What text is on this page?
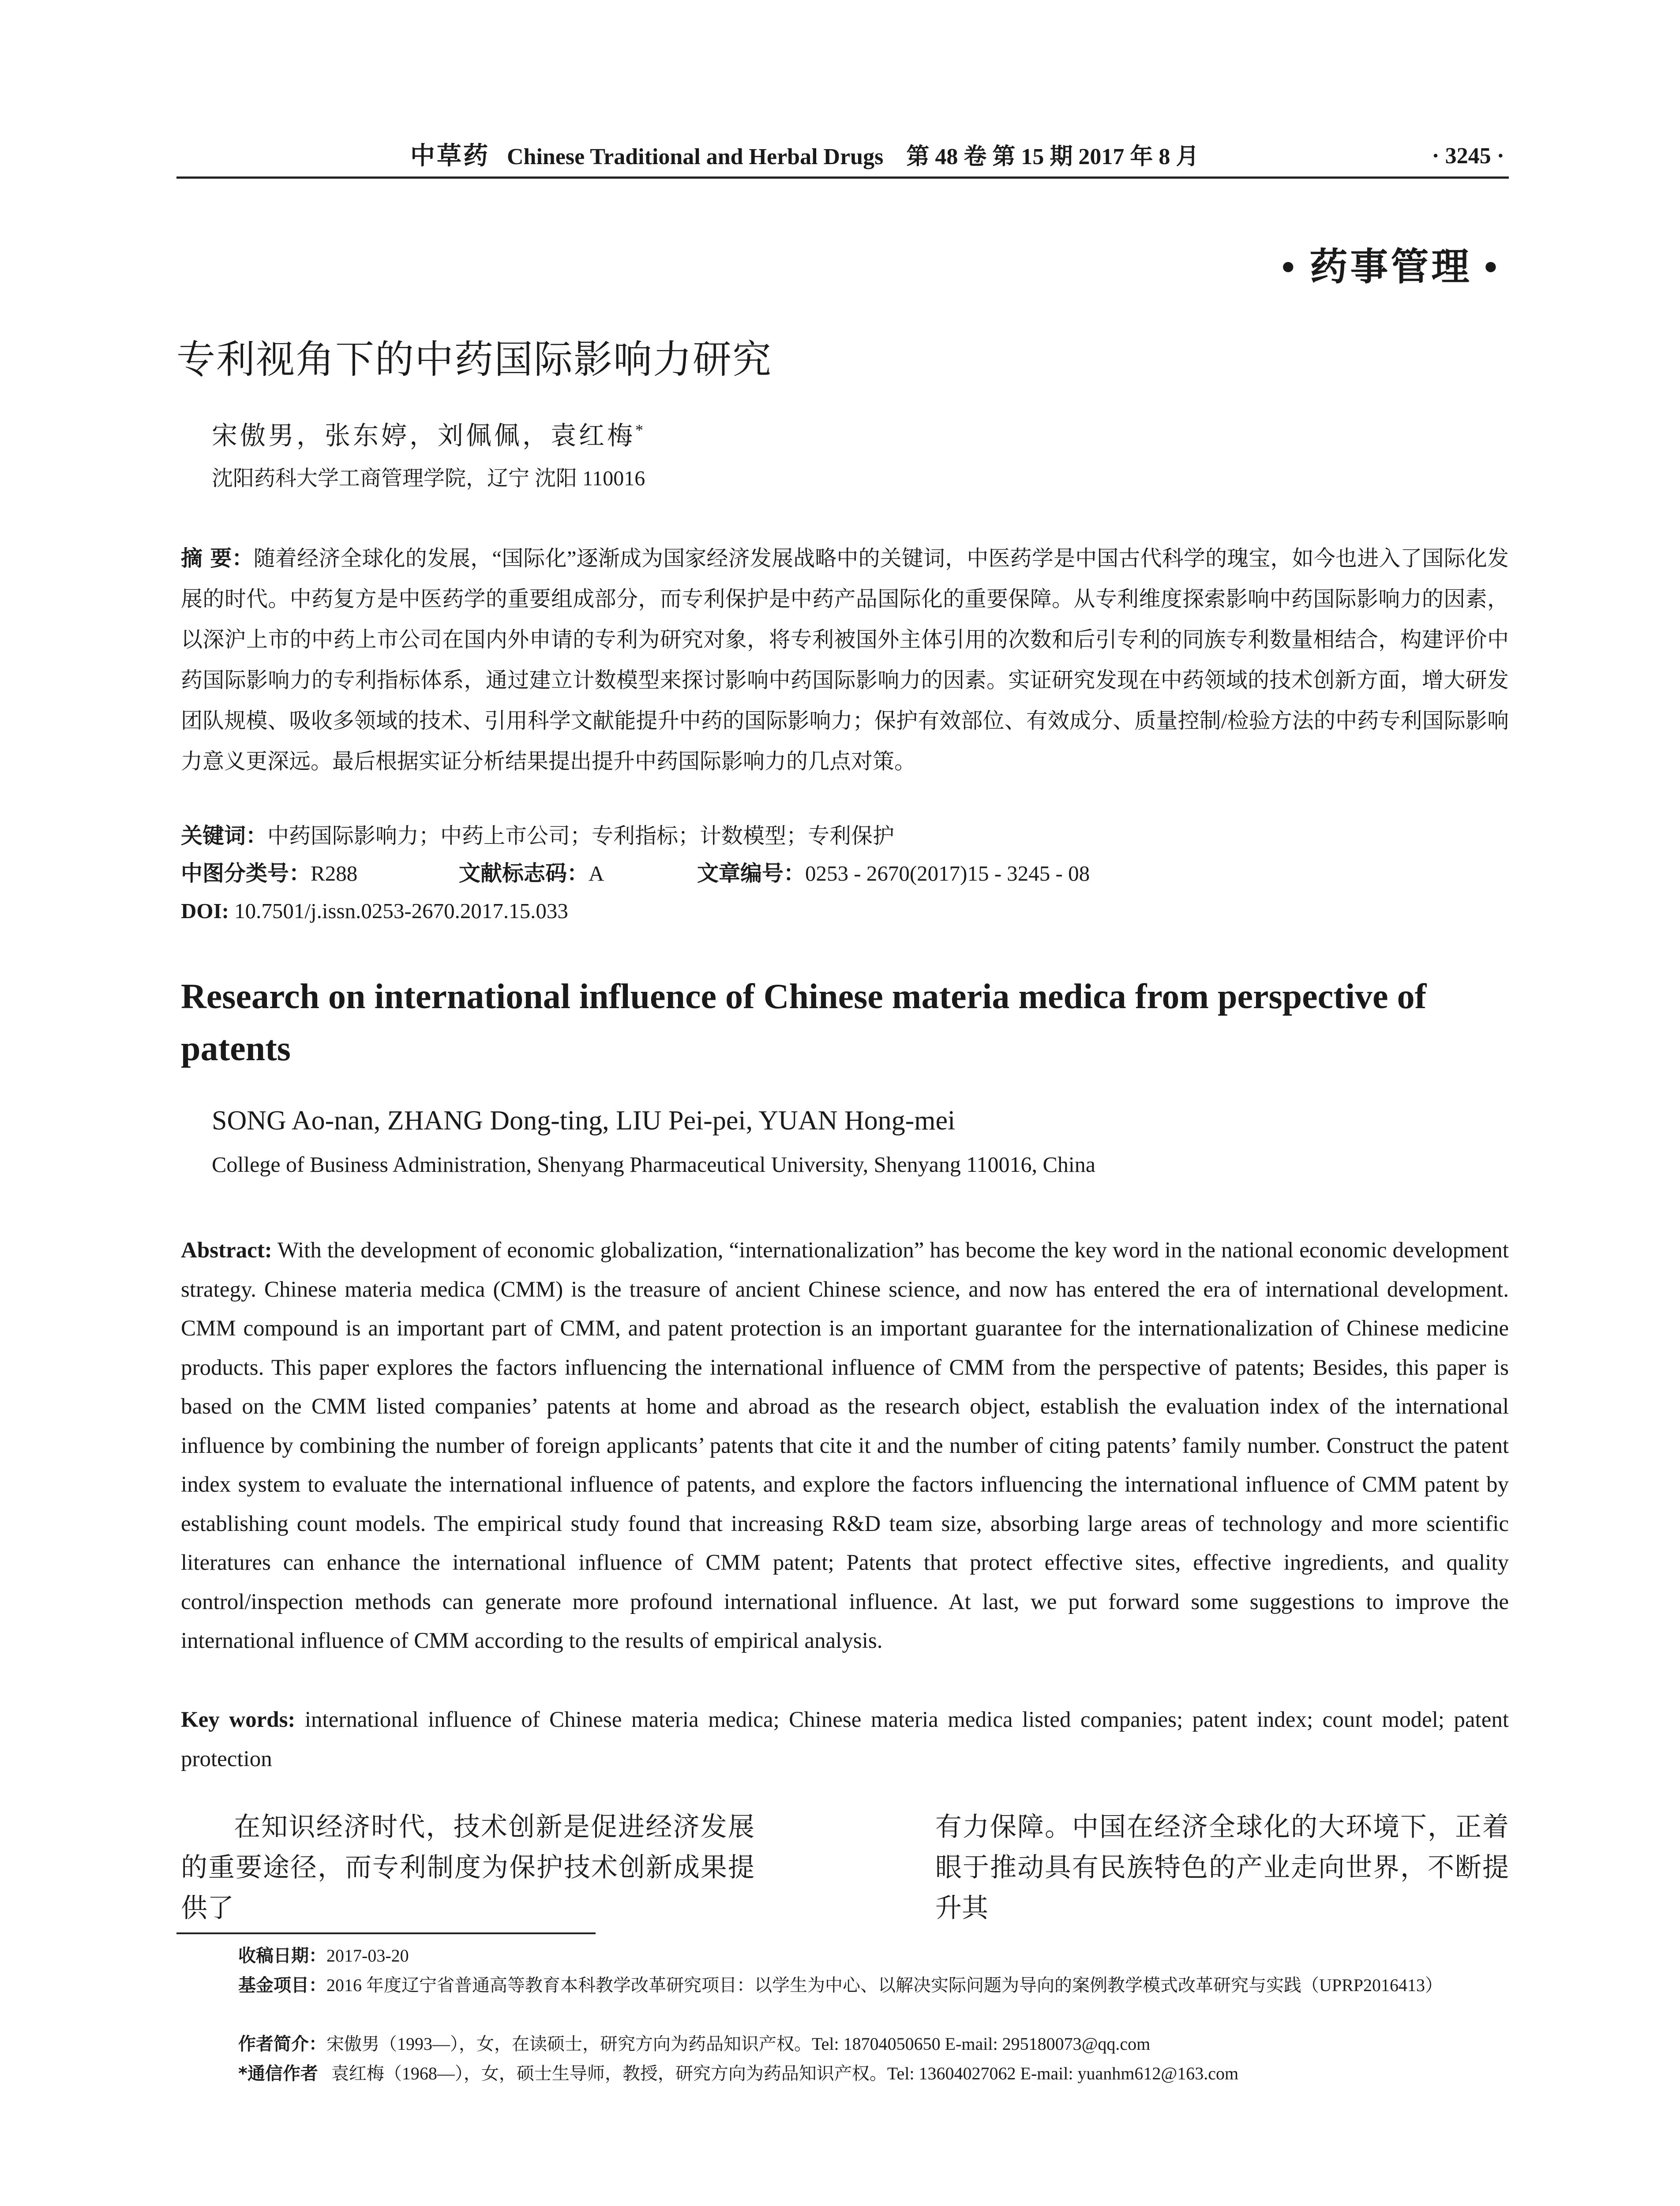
中草药 Chinese Traditional and Herbal Drugs 第 48 卷 第 15 期 2017 年 8 月	· 3245 ·
• 药事管理 •
专利视角下的中药国际影响力研究
宋傲男，张东婷，刘佩佩，袁红梅*
沈阳药科大学工商管理学院，辽宁 沈阳 110016
摘 要：随着经济全球化的发展，“国际化”逐渐成为国家经济发展战略中的关键词，中医药学是中国古代科学的瑰宝，如今也进入了国际化发展的时代。中药复方是中医药学的重要组成部分，而专利保护是中药产品国际化的重要保障。从专利维度探索影响中药国际影响力的因素，以深沪上市的中药上市公司在国内外申请的专利为研究对象，将专利被国外主体引用的次数和后引专利的同族专利数量相结合，构建评价中药国际影响力的专利指标体系，通过建立计数模型来探讨影响中药国际影响力的因素。实证研究发现在中药领域的技术创新方面，增大研发团队规模、吸收多领域的技术、引用科学文献能提升中药的国际影响力；保护有效部位、有效成分、质量控制/检验方法的中药专利国际影响力意义更深远。最后根据实证分析结果提出提升中药国际影响力的几点对策。
关键词：中药国际影响力；中药上市公司；专利指标；计数模型；专利保护
中图分类号：R288	文献标志码：A	文章编号：0253 - 2670(2017)15 - 3245 - 08
DOI: 10.7501/j.issn.0253-2670.2017.15.033
Research on international influence of Chinese materia medica from perspective of patents
SONG Ao-nan, ZHANG Dong-ting, LIU Pei-pei, YUAN Hong-mei
College of Business Administration, Shenyang Pharmaceutical University, Shenyang 110016, China
Abstract: With the development of economic globalization, “internationalization” has become the key word in the national economic development strategy. Chinese materia medica (CMM) is the treasure of ancient Chinese science, and now has entered the era of international development. CMM compound is an important part of CMM, and patent protection is an important guarantee for the internationalization of Chinese medicine products. This paper explores the factors influencing the international influence of CMM from the perspective of patents; Besides, this paper is based on the CMM listed companies’ patents at home and abroad as the research object, establish the evaluation index of the international influence by combining the number of foreign applicants’ patents that cite it and the number of citing patents’ family number. Construct the patent index system to evaluate the international influence of patents, and explore the factors influencing the international influence of CMM patent by establishing count models. The empirical study found that increasing R&D team size, absorbing large areas of technology and more scientific literatures can enhance the international influence of CMM patent; Patents that protect effective sites, effective ingredients, and quality control/inspection methods can generate more profound international influence. At last, we put forward some suggestions to improve the international influence of CMM according to the results of empirical analysis.
Key words: international influence of Chinese materia medica; Chinese materia medica listed companies; patent index; count model; patent protection
在知识经济时代，技术创新是促进经济发展的重要途径，而专利制度为保护技术创新成果提供了
有力保障。中国在经济全球化的大环境下，正着眼于推动具有民族特色的产业走向世界，不断提升其
收稿日期：2017-03-20
基金项目：2016 年度辽宁省普通高等教育本科教学改革研究项目：以学生为中心、以解决实际问题为导向的案例教学模式改革研究与实践（UPRP2016413）
作者简介：宋傲男（1993—），女，在读硕士，研究方向为药品知识产权。Tel: 18704050650 E-mail: 295180073@qq.com
*通信作者 袁红梅（1968—），女，硕士生导师，教授，研究方向为药品知识产权。Tel: 13604027062 E-mail: yuanhm612@163.com
